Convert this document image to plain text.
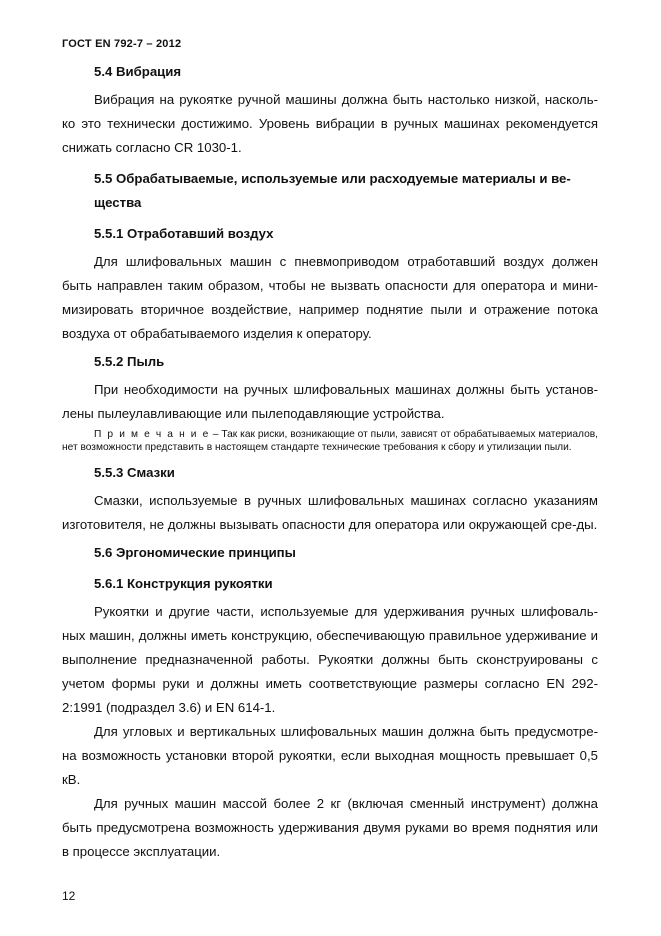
ГОСТ EN 792-7 – 2012

5.4 Вибрация

Вибрация на рукоятке ручной машины должна быть настолько низкой, насколь-ко это технически достижимо. Уровень вибрации в ручных машинах рекомендуется снижать согласно CR 1030-1.

5.5 Обрабатываемые, используемые или расходуемые материалы и ве-щества

5.5.1 Отработавший воздух

Для шлифовальных машин с пневмоприводом отработавший воздух должен быть направлен таким образом, чтобы не вызвать опасности для оператора и мини-мизировать вторичное воздействие, например поднятие пыли и отражение потока воздуха от обрабатываемого изделия к оператору.

5.5.2 Пыль

При необходимости на ручных шлифовальных машинах должны быть установ-лены пылеулавливающие или пылеподавляющие устройства.

П р и м е ч а н и е – Так как риски, возникающие от пыли, зависят от обрабатываемых материалов, нет возможности представить в настоящем стандарте технические требования к сбору и утилизации пыли.

5.5.3 Смазки

Смазки, используемые в ручных шлифовальных машинах согласно указаниям изготовителя, не должны вызывать опасности для оператора или окружающей сре-ды.

5.6 Эргономические принципы

5.6.1 Конструкция рукоятки

Рукоятки и другие части, используемые для удерживания ручных шлифоваль-ных машин, должны иметь конструкцию, обеспечивающую правильное удерживание и выполнение предназначенной работы. Рукоятки должны быть сконструированы с учетом формы руки и должны иметь соответствующие размеры согласно EN 292-2:1991 (подраздел 3.6) и EN 614-1.

Для угловых и вертикальных шлифовальных машин должна быть предусмотре-на возможность установки второй рукоятки, если выходная мощность превышает 0,5 кВ.

Для ручных машин массой более 2 кг (включая сменный инструмент) должна быть предусмотрена возможность удерживания двумя руками во время поднятия или в процессе эксплуатации.

12
